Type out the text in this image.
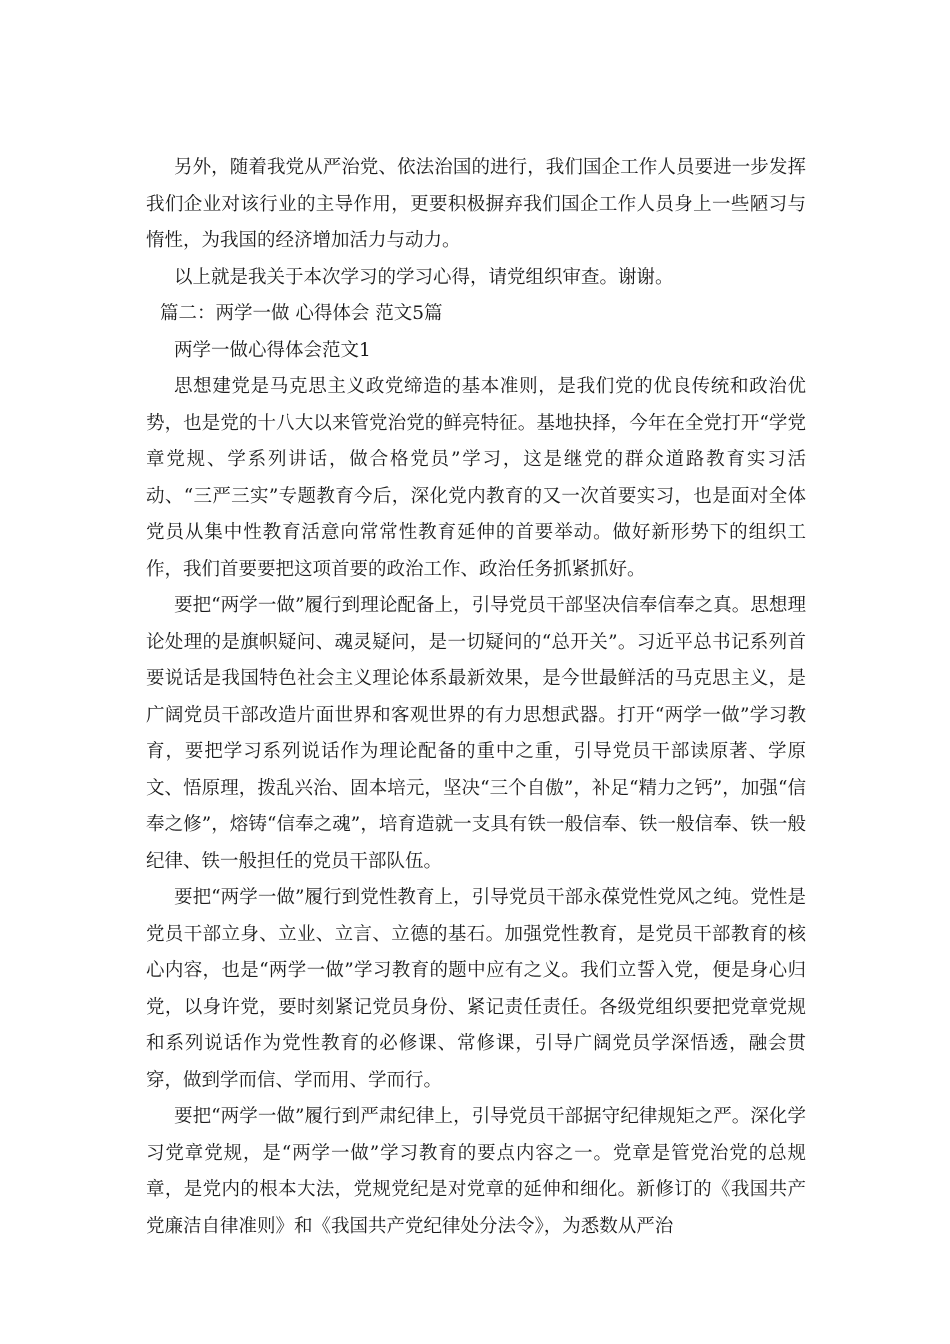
另外，随着我党从严治党、依法治国的进行，我们国企工作人员要进一步发挥我们企业对该行业的主导作用，更要积极摒弃我们国企工作人员身上一些陋习与惰性，为我国的经济增加活力与动力。

以上就是我关于本次学习的学习心得，请党组织审查。谢谢。

篇二：两学一做 心得体会 范文5篇

两学一做心得体会范文1

思想建党是马克思主义政党缔造的基本准则，是我们党的优良传统和政治优势，也是党的十八大以来管党治党的鲜亮特征。基地抉择，今年在全党打开“学党章党规、学系列讲话，做合格党员”学习，这是继党的群众道路教育实习活动、“三严三实”专题教育今后，深化党内教育的又一次首要实习，也是面对全体党员从集中性教育活意向常常性教育延伸的首要举动。做好新形势下的组织工作，我们首要要把这项首要的政治工作、政治任务抓紧抓好。

要把“两学一做”履行到理论配备上，引导党员干部坚决信奉信奉之真。思想理论处理的是旗帜疑问、魂灵疑问，是一切疑问的“总开关”。习近平总书记系列首要说话是我国特色社会主义理论体系最新效果，是今世最鲜活的马克思主义，是广阔党员干部改造片面世界和客观世界的有力思想武器。打开“两学一做”学习教育，要把学习系列说话作为理论配备的重中之重，引导党员干部读原著、学原文、悟原理，拨乱兴治、固本培元，坚决“三个自傲”，补足“精力之钙”，加强“信奉之修”，熔铸“信奉之魂”，培育造就一支具有铁一般信奉、铁一般信奉、铁一般纪律、铁一般担任的党员干部队伍。

要把“两学一做”履行到党性教育上，引导党员干部永葆党性党风之纯。党性是党员干部立身、立业、立言、立德的基石。加强党性教育，是党员干部教育的核心内容，也是“两学一做”学习教育的题中应有之义。我们立誓入党，便是身心归党，以身许党，要时刻紧记党员身份、紧记责任责任。各级党组织要把党章党规和系列说话作为党性教育的必修课、常修课，引导广阔党员学深悟透，融会贯穿，做到学而信、学而用、学而行。

要把“两学一做”履行到严肃纪律上，引导党员干部据守纪律规矩之严。深化学习党章党规，是“两学一做”学习教育的要点内容之一。党章是管党治党的总规章，是党内的根本大法，党规党纪是对党章的延伸和细化。新修订的《我国共产党廉洁自律准则》和《我国共产党纪律处分法令》，为悉数从严治
